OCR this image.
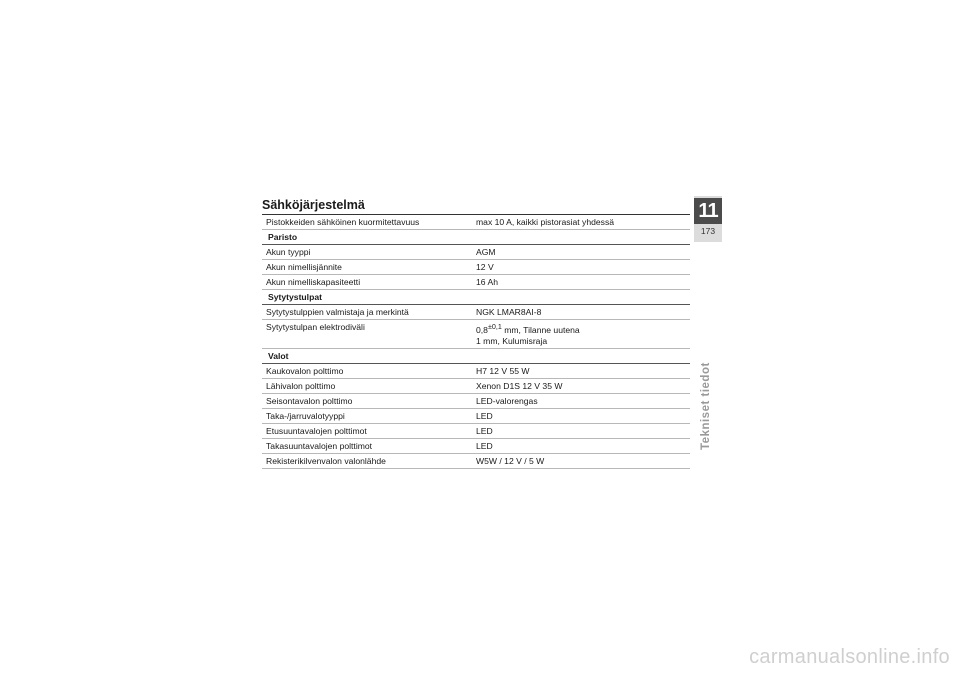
Sähköjärjestelmä
Pistokkeiden sähköinen kuormitettavuus	max 10 A, kaikki pistorasiat yhdessä
Paristo	
Akun tyyppi	AGM
Akun nimellisjännite	12 V
Akun nimelliskapasiteetti	16 Ah
Sytytystulpat	
Sytytystulppien valmistaja ja merkintä	NGK LMAR8AI-8
Sytytystulpan elektrodiväli	$0,8^{\pm 0,1}$ mm, Tilanne uutena
1 mm, Kulumisraja

Valot	
Kaukovalon polttimo	H7 12 V 55 W
Lähivalon polttimo	Xenon D1S 12 V 35 W
Seisontavalon polttimo	LED-valorengas
Taka-/jarruvalotyyppi	LED
Etusuuntavalojen polttimot	LED
Takasuuntavalojen polttimot	LED
Rekisterikilvenvalon valonlähde	W5W / 12 V / 5 W
11
173
Tekniset tiedot
carmanualsonline.info
